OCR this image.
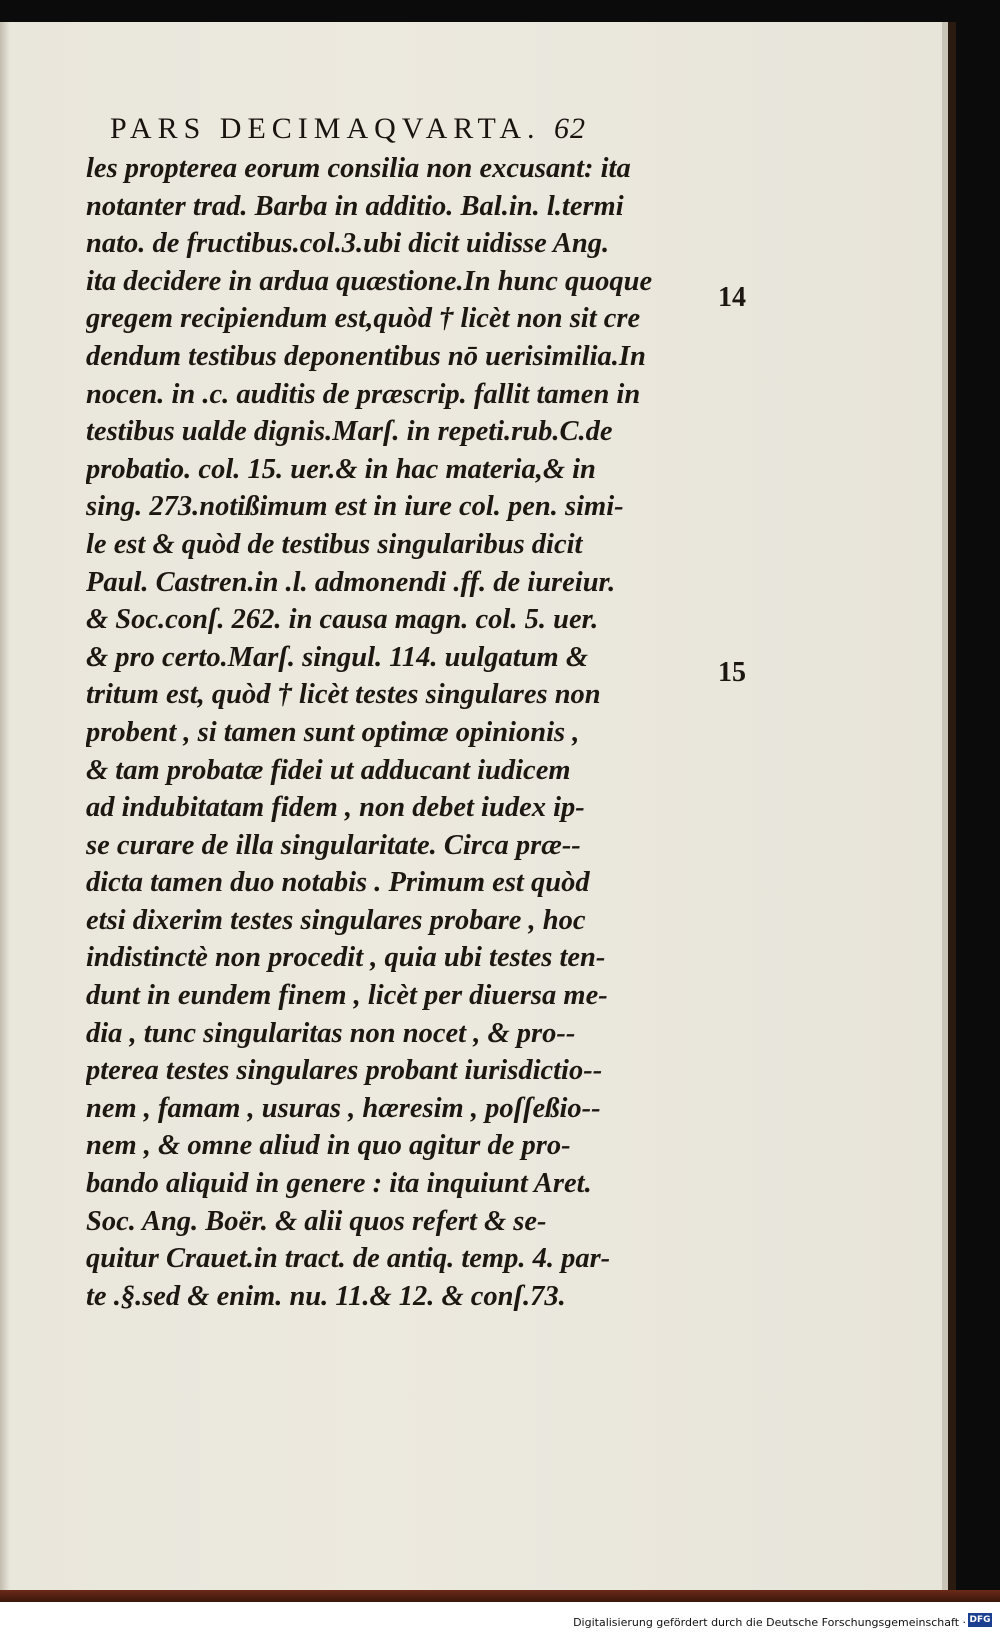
PARS DECIMAQVARTA. 62
les propterea eorum consilia non excusant: ita
notanter trad. Barba in additio. Bal.in. l.termi
nato. de fructibus.col.3.ubi dicit uidisse Ang.
ita decidere in ardua quæstione.In hunc quoque
gregem recipiendum est,quòd † licèt non sit cre
dendum testibus deponentibus nō uerisimilia.In
nocen. in .c. auditis de præscrip. fallit tamen in
testibus ualde dignis.Marſ. in repeti.rub.C.de
probatio. col. 15. uer.& in hac materia,& in
sing. 273.notißimum est in iure col. pen. simi-
le est & quòd de testibus singularibus dicit
Paul. Castren.in .l. admonendi .ff. de iureiur.
& Soc.conſ. 262. in causa magn. col. 5. uer.
& pro certo.Marſ. singul. 114. uulgatum &
tritum est, quòd † licèt testes singulares non
probent , si tamen sunt optimæ opinionis ,
& tam probatæ fidei ut adducant iudicem
ad indubitatam fidem , non debet iudex ip-
se curare de illa singularitate. Circa præ--
dicta tamen duo notabis . Primum est quòd
etsi dixerim testes singulares probare , hoc
indistinctè non procedit , quia ubi testes ten-
dunt in eundem finem , licèt per diuersa me-
dia , tunc singularitas non nocet , & pro--
pterea testes singulares probant iurisdictio--
nem , famam , usuras , hæresim , poſſeßio--
nem , & omne aliud in quo agitur de pro-
bando aliquid in genere : ita inquiunt Aret.
Soc. Ang. Boër. & alii quos refert & se-
quitur Crauet.in tract. de antiq. temp. 4. par-
te .§.sed & enim. nu. 11.& 12. & conſ.73.
14
15
Digitalisierung gefördert durch die Deutsche Forschungsgemeinschaft · DFG
